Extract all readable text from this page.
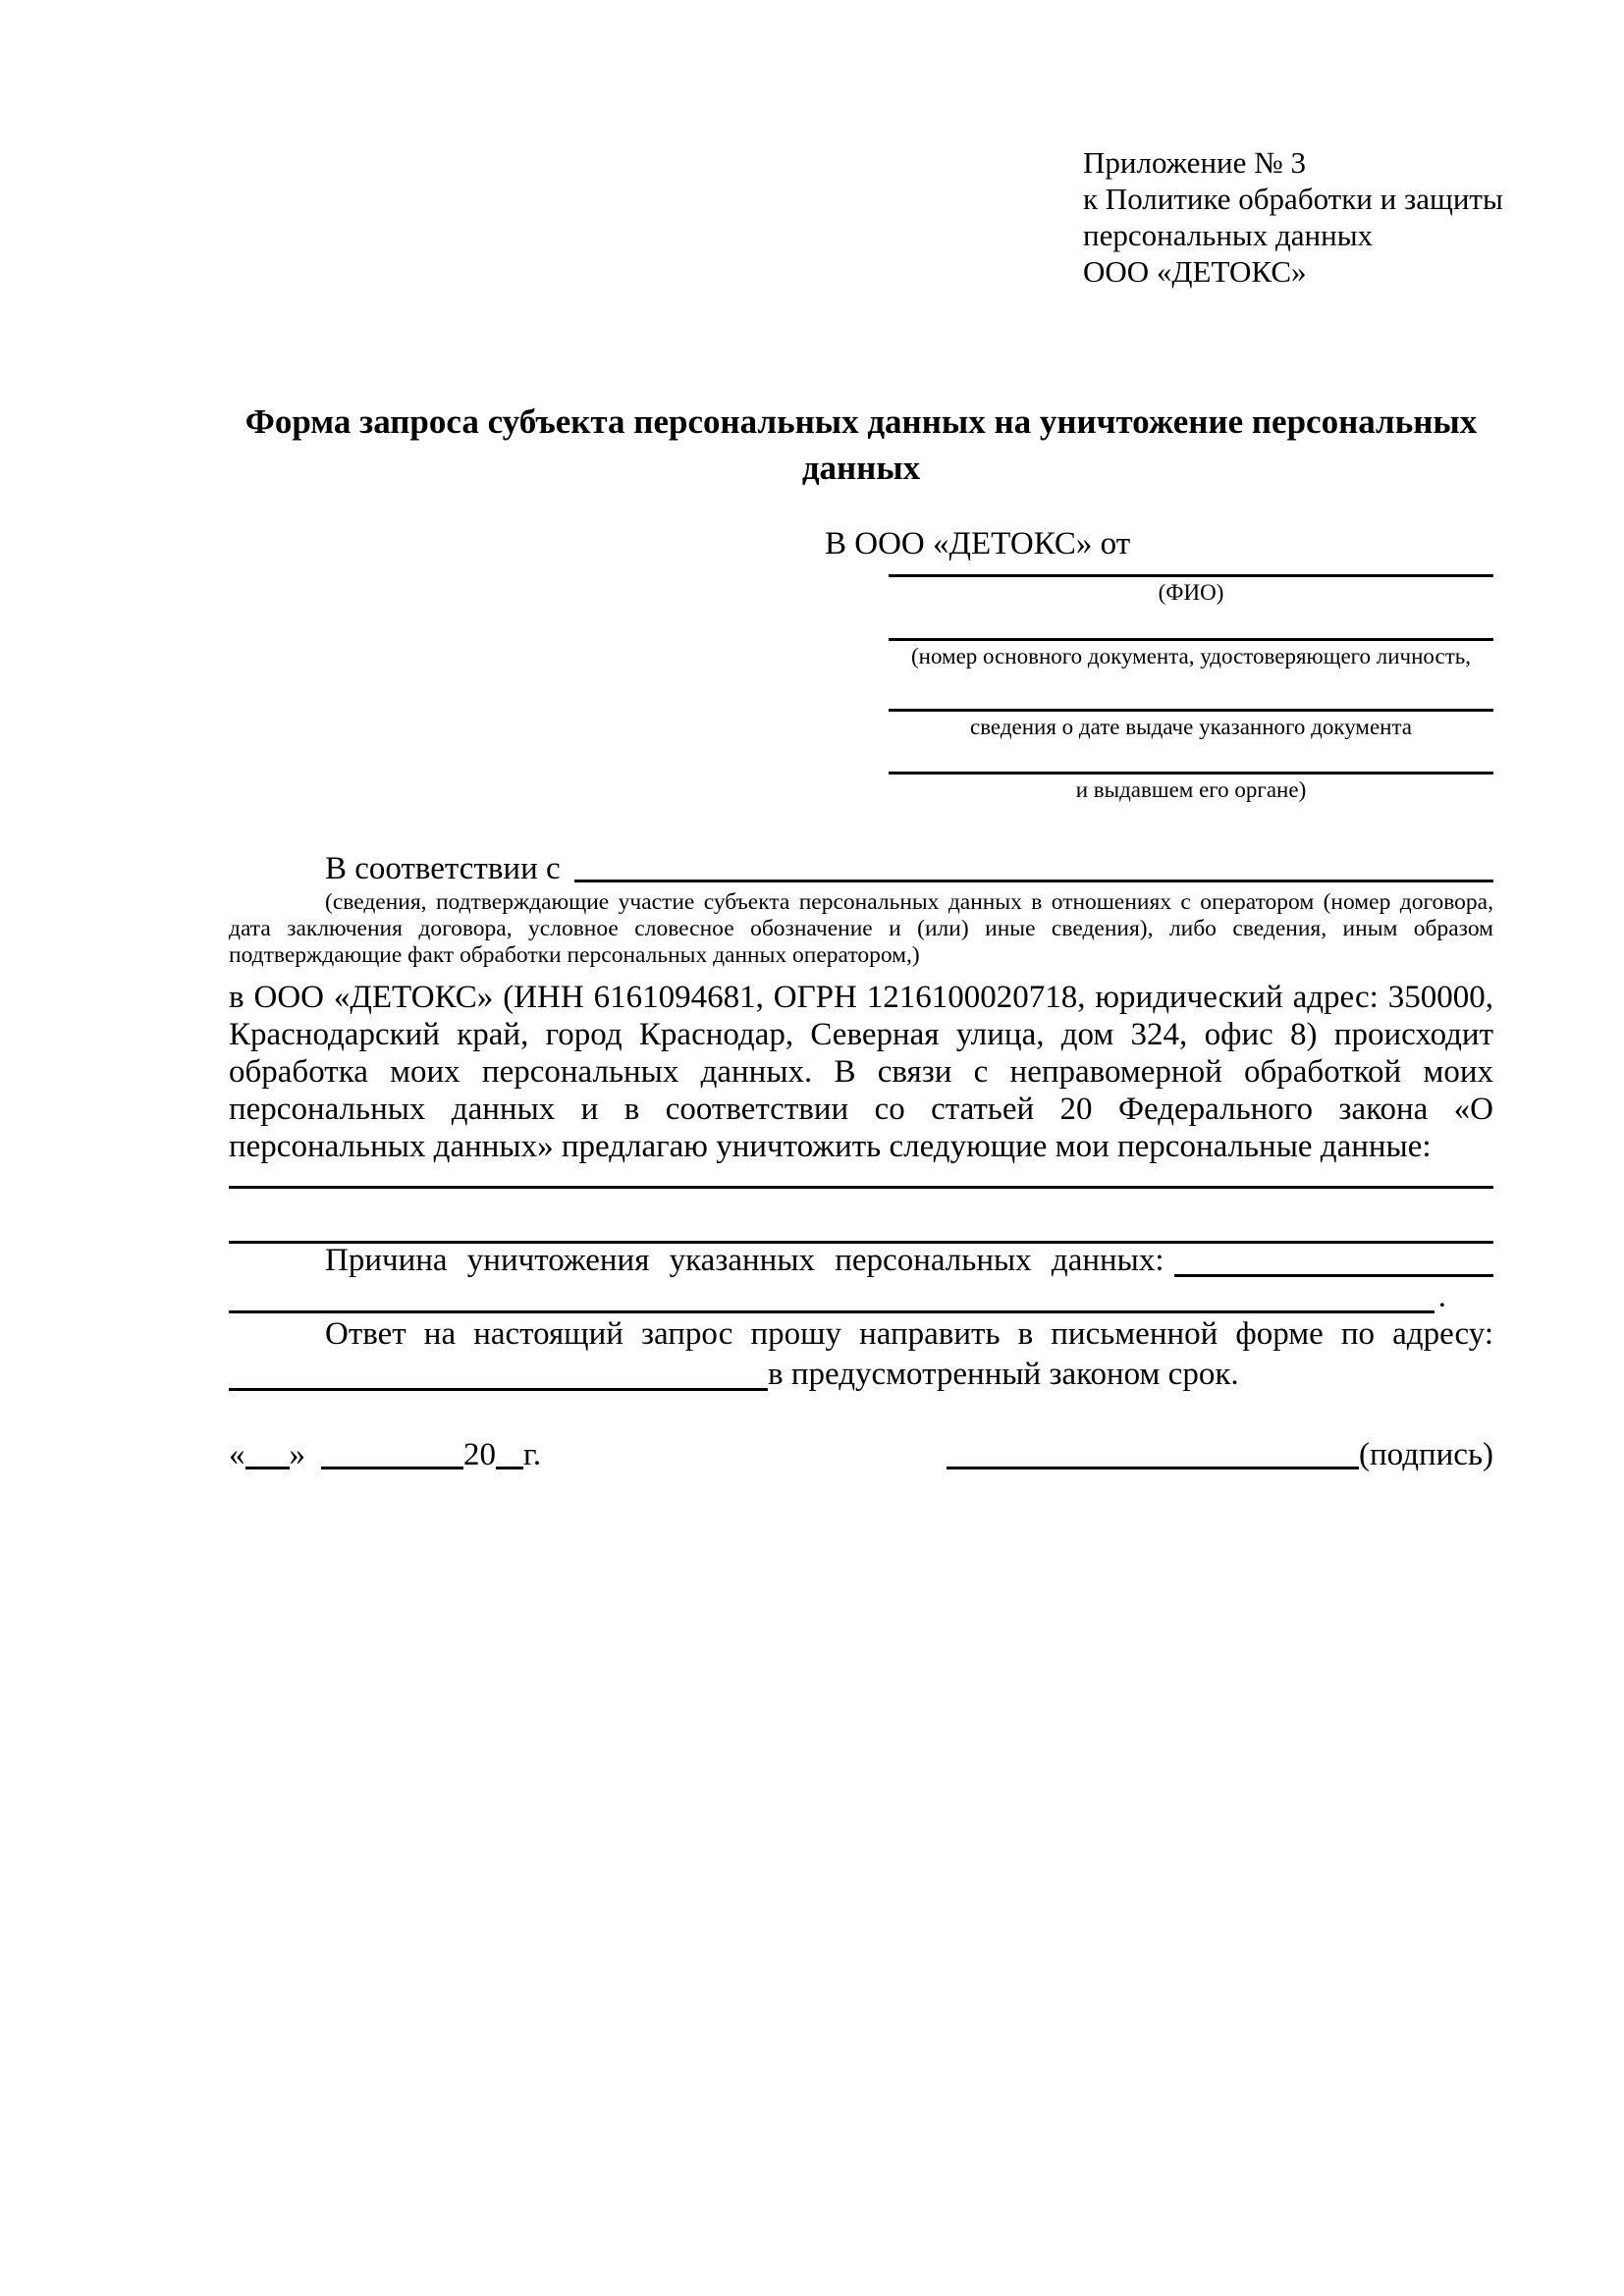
Приложение № 3
к Политике обработки и защиты
персональных данных
ООО «ДЕТОКС»
Форма запроса субъекта персональных данных на уничтожение персональных данных
В ООО «ДЕТОКС» от
(ФИО)
(номер основного документа, удостоверяющего личность,
сведения о дате выдаче указанного документа
и выдавшем его органе)
В соответствии с
(сведения, подтверждающие участие субъекта персональных данных в отношениях с оператором (номер договора, дата заключения договора, условное словесное обозначение и (или) иные сведения), либо сведения, иным образом подтверждающие факт обработки персональных данных оператором,)
в ООО «ДЕТОКС» (ИНН 6161094681, ОГРН 1216100020718, юридический адрес: 350000, Краснодарский край, город Краснодар, Северная улица, дом 324, офис 8) происходит обработка моих персональных данных. В связи с неправомерной обработкой моих персональных данных и в соответствии со статьей 20 Федерального закона «О персональных данных» предлагаю уничтожить следующие мои персональные данные:
Причина уничтожения указанных персональных данных:
.
Ответ на настоящий запрос прошу направить в письменной форме по адресу:
в предусмотренный законом срок.
« »	20 г.	(подпись)
